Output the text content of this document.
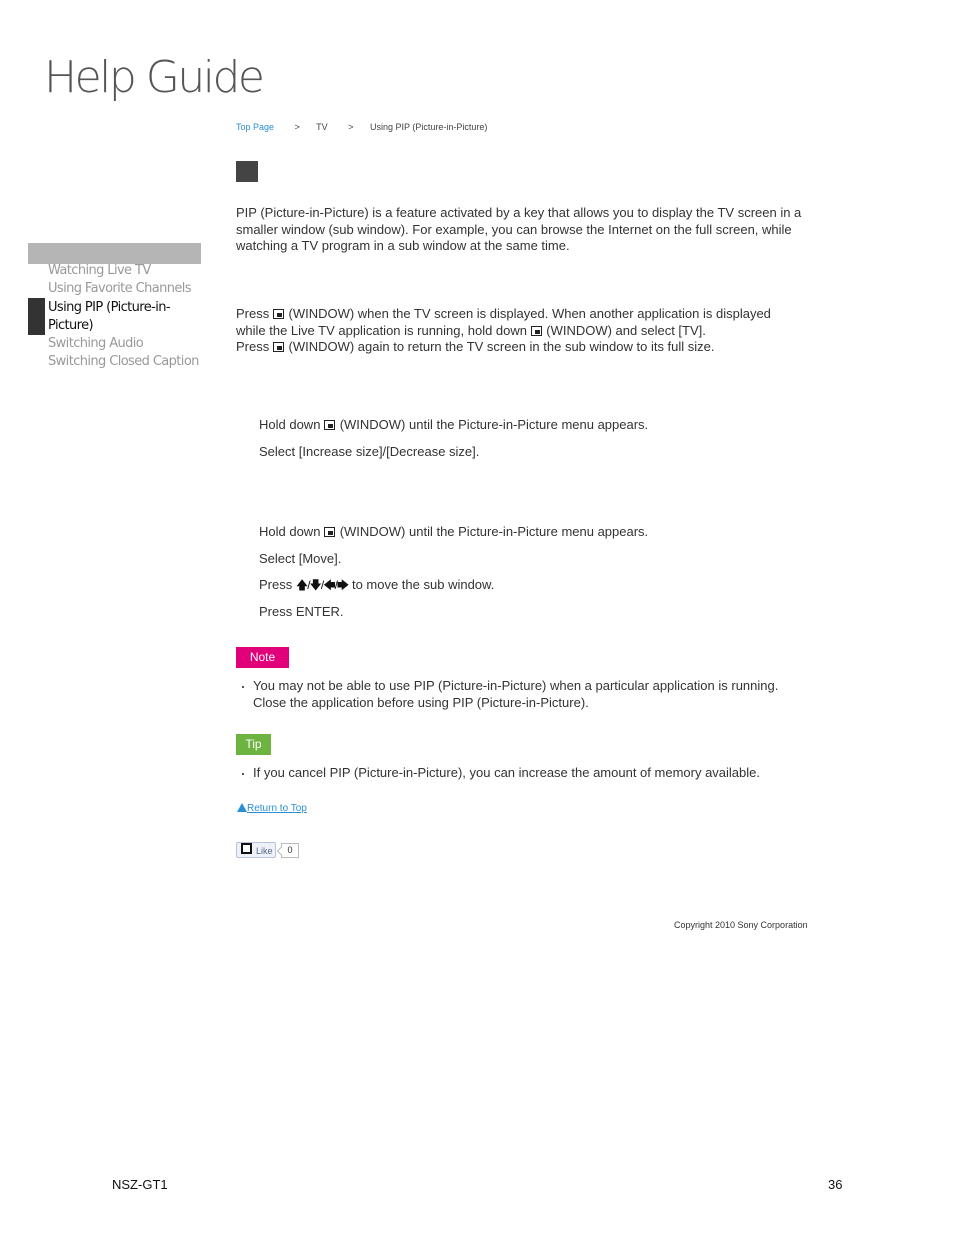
Help Guide
Top Page > TV > Using PIP (Picture-in-Picture)
Watching Live TV
Using Favorite Channels
Using PIP (Picture-in-Picture)
Switching Audio
Switching Closed Caption

PIP (Picture-in-Picture) is a feature activated by a key that allows you to display the TV screen in a smaller window (sub window). For example, you can browse the Internet on the full screen, while watching a TV program in a sub window at the same time.

Press (WINDOW) when the TV screen is displayed. When another application is displayed
while the Live TV application is running, hold down (WINDOW) and select [TV].
Press (WINDOW) again to return the TV screen in the sub window to its full size.
Hold down (WINDOW) until the Picture-in-Picture menu appears.
Select [Increase size]/[Decrease size].
Hold down (WINDOW) until the Picture-in-Picture menu appears.
Select [Move].
Press 🡅/🡇/🡄/🡆 to move the sub window.
Press ENTER.
Note
You may not be able to use PIP (Picture-in-Picture) when a particular application is running. Close the application before using PIP (Picture-in-Picture).
Tip
If you cancel PIP (Picture-in-Picture), you can increase the amount of memory available.
Return to Top
Like	0
Copyright 2010 Sony Corporation
NSZ-GT1	36
